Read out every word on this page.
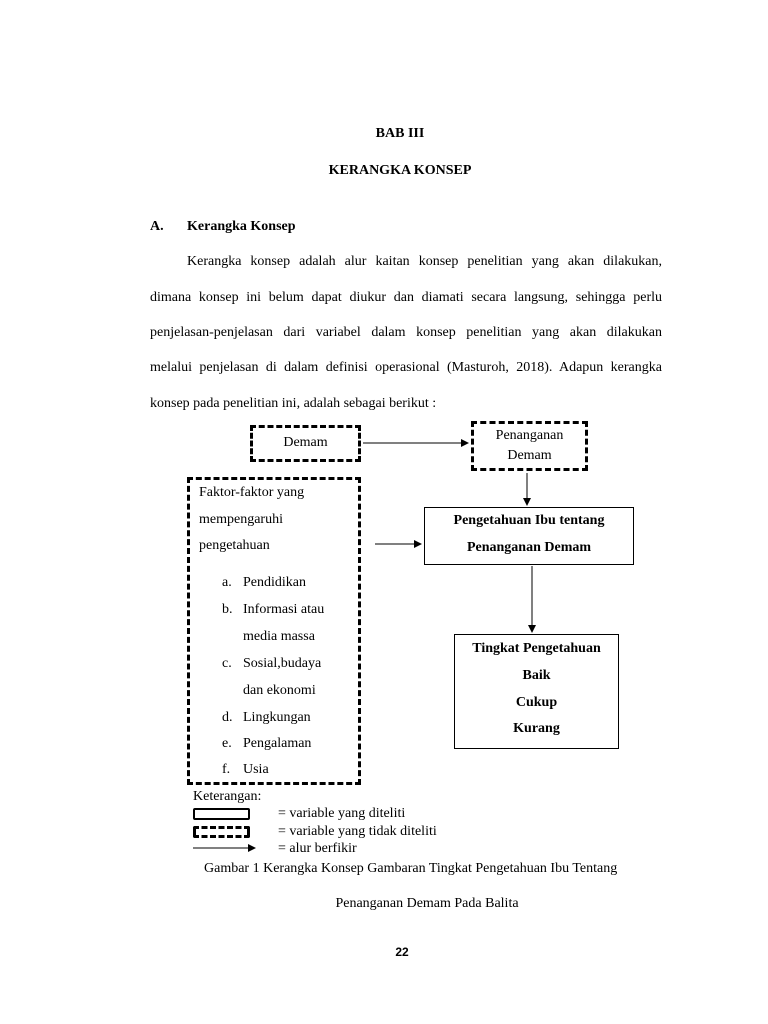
BAB III
KERANGKA KONSEP
A. Kerangka Konsep
Kerangka konsep adalah alur kaitan konsep penelitian yang akan dilakukan,
dimana konsep ini belum dapat diukur dan diamati secara langsung, sehingga perlu
penjelasan-penjelasan dari variabel dalam konsep penelitian yang akan dilakukan
melalui penjelasan di dalam definisi operasional (Masturoh, 2018). Adapun kerangka
konsep pada penelitian ini, adalah sebagai berikut :
Demam	Penanganan
Demam
Faktor-faktor yang
mempengaruhi
pengetahuan
a. Pendidikan
b. Informasi atau
media massa
c. Sosial,budaya
dan ekonomi
d. Lingkungan
e. Pengalaman
f. Usia
Pengetahuan Ibu tentang
Penanganan Demam
Tingkat Pengetahuan
Baik
Cukup
Kurang
Keterangan:
= variable yang diteliti
= variable yang tidak diteliti
= alur berfikir
Gambar 1 Kerangka Konsep Gambaran Tingkat Pengetahuan Ibu Tentang
Penanganan Demam Pada Balita
22
